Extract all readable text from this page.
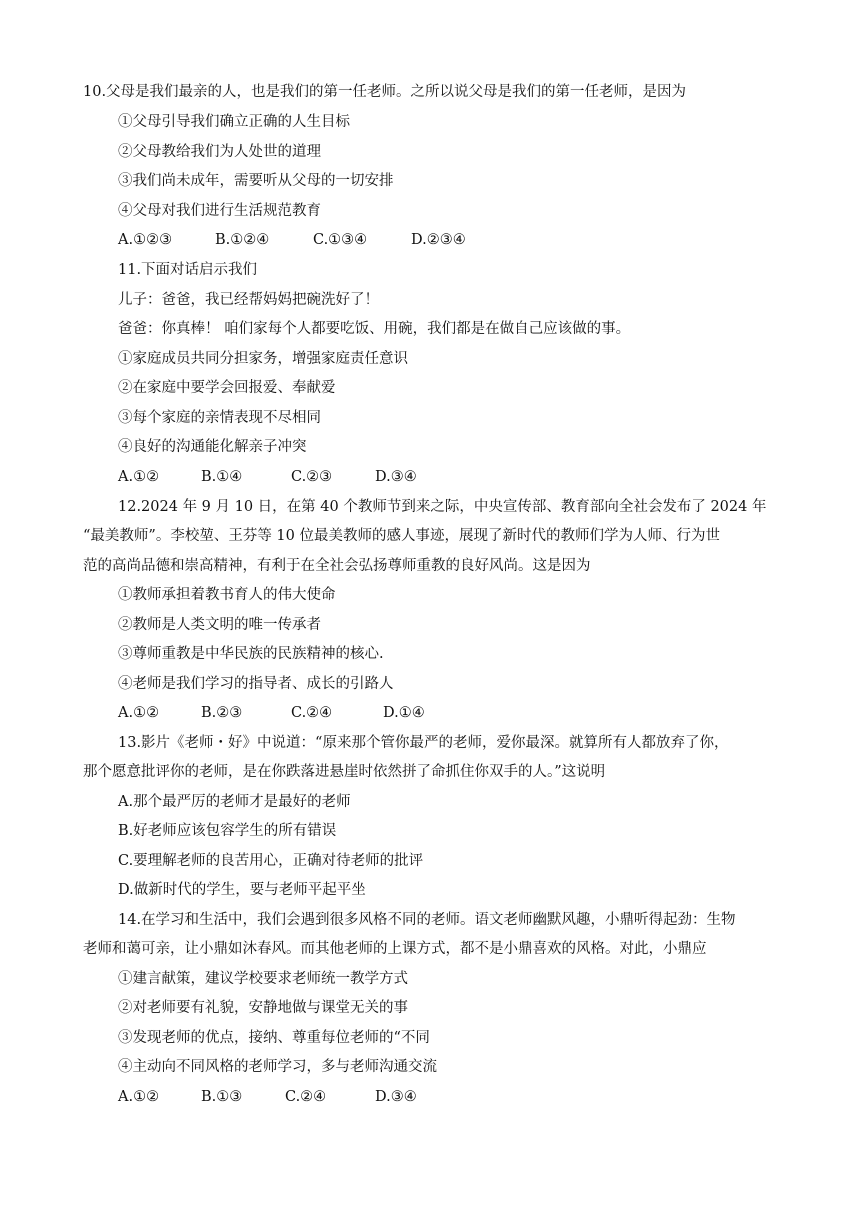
10.父母是我们最亲的人，也是我们的第一任老师。之所以说父母是我们的第一任老师，是因为
①父母引导我们确立正确的人生目标
②父母教给我们为人处世的道理
③我们尚未成年，需要听从父母的一切安排
④父母对我们进行生活规范教育
A.①②③	B.①②④	C.①③④	D.②③④
11.下面对话启示我们
儿子：爸爸，我已经帮妈妈把碗洗好了！
爸爸：你真棒！ 咱们家每个人都要吃饭、用碗，我们都是在做自己应该做的事。
①家庭成员共同分担家务，增强家庭责任意识
②在家庭中要学会回报爱、奉献爱
③每个家庭的亲情表现不尽相同
④良好的沟通能化解亲子冲突
A.①②	B.①④	C.②③	D.③④
12.2024 年 9 月 10 日，在第 40 个教师节到来之际，中央宣传部、教育部向全社会发布了 2024 年
“最美教师”。李校堃、王芬等 10 位最美教师的感人事迹，展现了新时代的教师们学为人师、行为世
范的高尚品德和崇高精神，有利于在全社会弘扬尊师重教的良好风尚。这是因为
①教师承担着教书育人的伟大使命
②教师是人类文明的唯一传承者
③尊师重教是中华民族的民族精神的核心.
④老师是我们学习的指导者、成长的引路人
A.①②	B.②③	C.②④	D.①④
13.影片《老师・好》中说道：“原来那个管你最严的老师，爱你最深。就算所有人都放弃了你，
那个愿意批评你的老师，是在你跌落进悬崖时依然拼了命抓住你双手的人。”这说明
A.那个最严厉的老师才是最好的老师
B.好老师应该包容学生的所有错误
C.要理解老师的良苦用心，正确对待老师的批评
D.做新时代的学生，要与老师平起平坐
14.在学习和生活中，我们会遇到很多风格不同的老师。语文老师幽默风趣，小鼎听得起劲：生物
老师和蔼可亲，让小鼎如沐春风。而其他老师的上课方式，都不是小鼎喜欢的风格。对此，小鼎应
①建言献策，建议学校要求老师统一教学方式
②对老师要有礼貌，安静地做与课堂无关的事
③发现老师的优点，接纳、尊重每位老师的“不同
④主动向不同风格的老师学习，多与老师沟通交流
A.①②	B.①③	C.②④	D.③④
